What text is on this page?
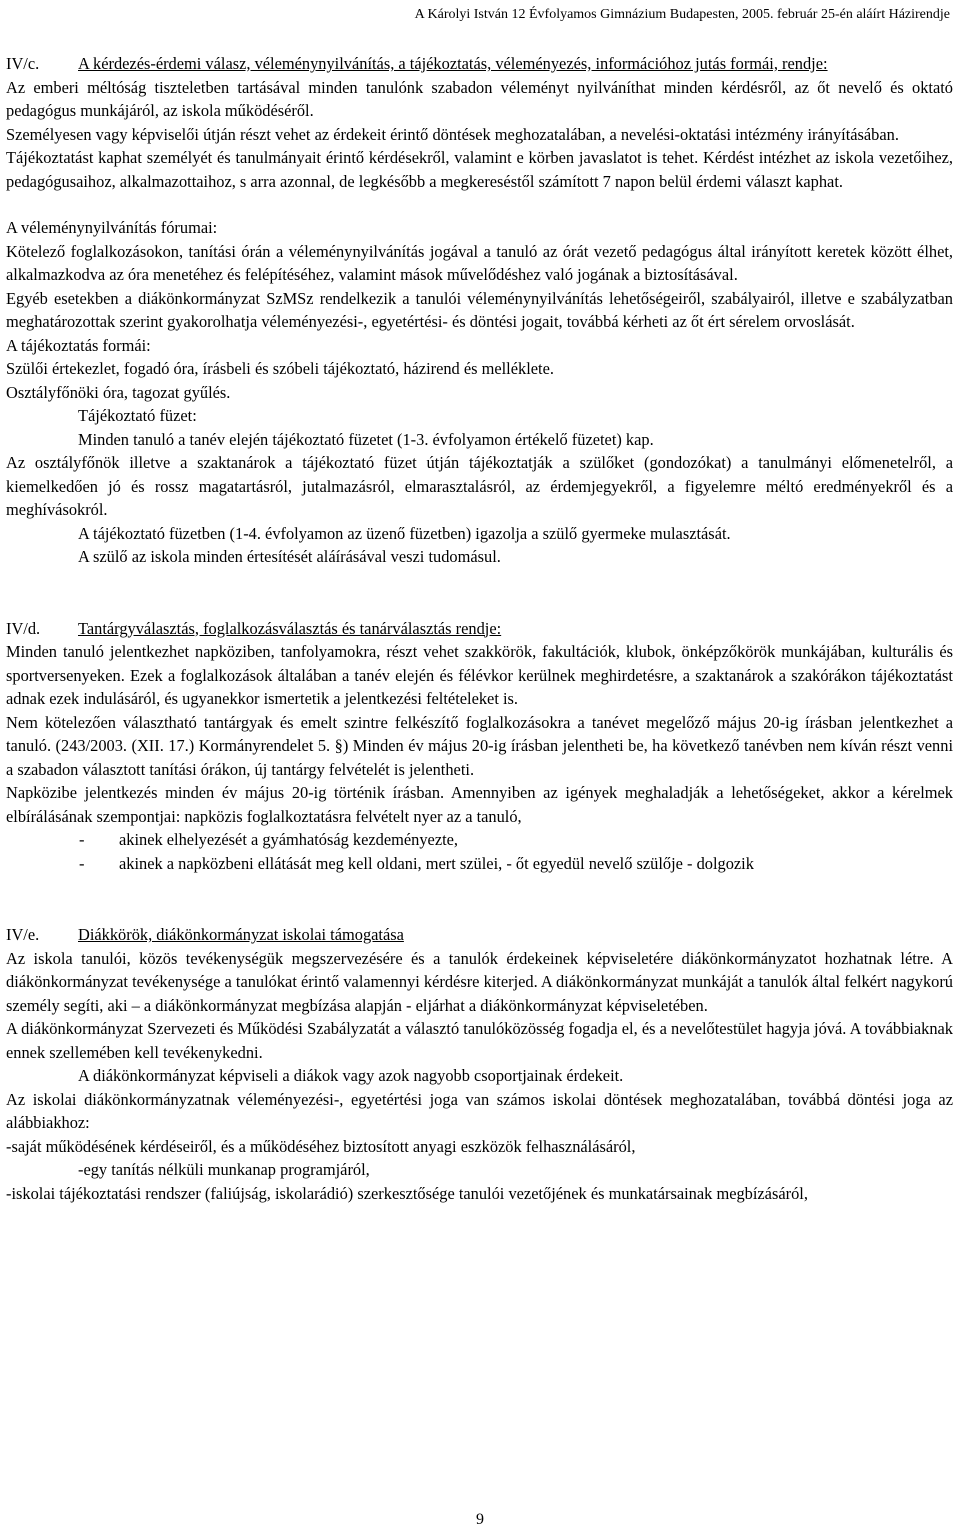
A Károlyi István 12 Évfolyamos Gimnázium Budapesten, 2005. február 25-én aláírt Házirendje
IV/c.	A kérdezés-érdemi válasz, véleménynyilvánítás, a tájékoztatás, véleményezés, információhoz jutás formái, rendje:

Az emberi méltóság tiszteletben tartásával minden tanulónk szabadon véleményt nyilváníthat minden kérdésről, az őt nevelő és oktató pedagógus munkájáról, az iskola működéséről.

Személyesen vagy képviselői útján részt vehet az érdekeit érintő döntések meghozatalában, a nevelési-oktatási intézmény irányításában.

Tájékoztatást kaphat személyét és tanulmányait érintő kérdésekről, valamint e körben javaslatot is tehet. Kérdést intézhet az iskola vezetőihez, pedagógusaihoz, alkalmazottaihoz, s arra azonnal, de legkésőbb a megkereséstől számított 7 napon belül érdemi választ kaphat.

A véleménynyilvánítás fórumai:

Kötelező foglalkozásokon, tanítási órán a véleménynyilvánítás jogával a tanuló az órát vezető pedagógus által irányított keretek között élhet, alkalmazkodva az óra menetéhez és felépítéséhez, valamint mások művelődéshez való jogának a biztosításával.

Egyéb esetekben a diákönkormányzat SzMSz rendelkezik a tanulói véleménynyilvánítás lehetőségeiről, szabályairól, illetve e szabályzatban meghatározottak szerint gyakorolhatja véleményezési-, egyetértési- és döntési jogait, továbbá kérheti az őt ért sérelem orvoslását.

A tájékoztatás formái:

Szülői értekezlet, fogadó óra, írásbeli és szóbeli tájékoztató, házirend és melléklete.

Osztályfőnöki óra, tagozat gyűlés.

Tájékoztató füzet:

Minden tanuló a tanév elején tájékoztató füzetet (1-3. évfolyamon értékelő füzetet) kap.

Az osztályfőnök illetve a szaktanárok a tájékoztató füzet útján tájékoztatják a szülőket (gondozókat) a tanulmányi előmenetelről, a kiemelkedően jó és rossz magatartásról, jutalmazásról, elmarasztalásról, az érdemjegyekről, a figyelemre méltó eredményekről és a meghívásokról.

A tájékoztató füzetben (1-4. évfolyamon az üzenő füzetben) igazolja a szülő gyermeke mulasztását.

A szülő az iskola minden értesítését aláírásával veszi tudomásul.

IV/d.	Tantárgyválasztás, foglalkozásválasztás és tanárválasztás rendje:

Minden tanuló jelentkezhet napköziben, tanfolyamokra, részt vehet szakkörök, fakultációk, klubok, önképzőkörök munkájában, kulturális és sportversenyeken. Ezek a foglalkozások általában a tanév elején és félévkor kerülnek meghirdetésre, a szaktanárok a szakórákon tájékoztatást adnak ezek indulásáról, és ugyanekkor ismertetik a jelentkezési feltételeket is.

Nem kötelezően választható tantárgyak és emelt szintre felkészítő foglalkozásokra a tanévet megelőző május 20-ig írásban jelentkezhet a tanuló. (243/2003. (XII. 17.) Kormányrendelet 5. §) Minden év május 20-ig írásban jelentheti be, ha következő tanévben nem kíván részt venni a szabadon választott tanítási órákon, új tantárgy felvételét is jelentheti.

Napközibe jelentkezés minden év május 20-ig történik írásban. Amennyiben az igények meghaladják a lehetőségeket, akkor a kérelmek elbírálásának szempontjai: napközis foglalkoztatásra felvételt nyer az a tanuló,

-	akinek elhelyezését a gyámhatóság kezdeményezte,
-	akinek a napközbeni ellátását meg kell oldani, mert szülei, - őt egyedül nevelő szülője - dolgozik
IV/e.	Diákkörök, diákönkormányzat iskolai támogatása

Az iskola tanulói, közös tevékenységük megszervezésére és a tanulók érdekeinek képviseletére diákönkormányzatot hozhatnak létre. A diákönkormányzat tevékenysége a tanulókat érintő valamennyi kérdésre kiterjed. A diákönkormányzat munkáját a tanulók által felkért nagykorú személy segíti, aki – a diákönkormányzat megbízása alapján - eljárhat a diákönkormányzat képviseletében.

A diákönkormányzat Szervezeti és Működési Szabályzatát a választó tanulóközösség fogadja el, és a nevelőtestület hagyja jóvá. A továbbiaknak ennek szellemében kell tevékenykedni.

A diákönkormányzat képviseli a diákok vagy azok nagyobb csoportjainak érdekeit.

Az iskolai diákönkormányzatnak véleményezési-, egyetértési joga van számos iskolai döntések meghozatalában, továbbá döntési joga az alábbiakhoz:

-saját működésének kérdéseiről, és a működéséhez biztosított anyagi eszközök felhasználásáról,

-egy tanítás nélküli munkanap programjáról,

-iskolai tájékoztatási rendszer (faliújság, iskolarádió) szerkesztősége tanulói vezetőjének és munkatársainak megbízásáról,

9
